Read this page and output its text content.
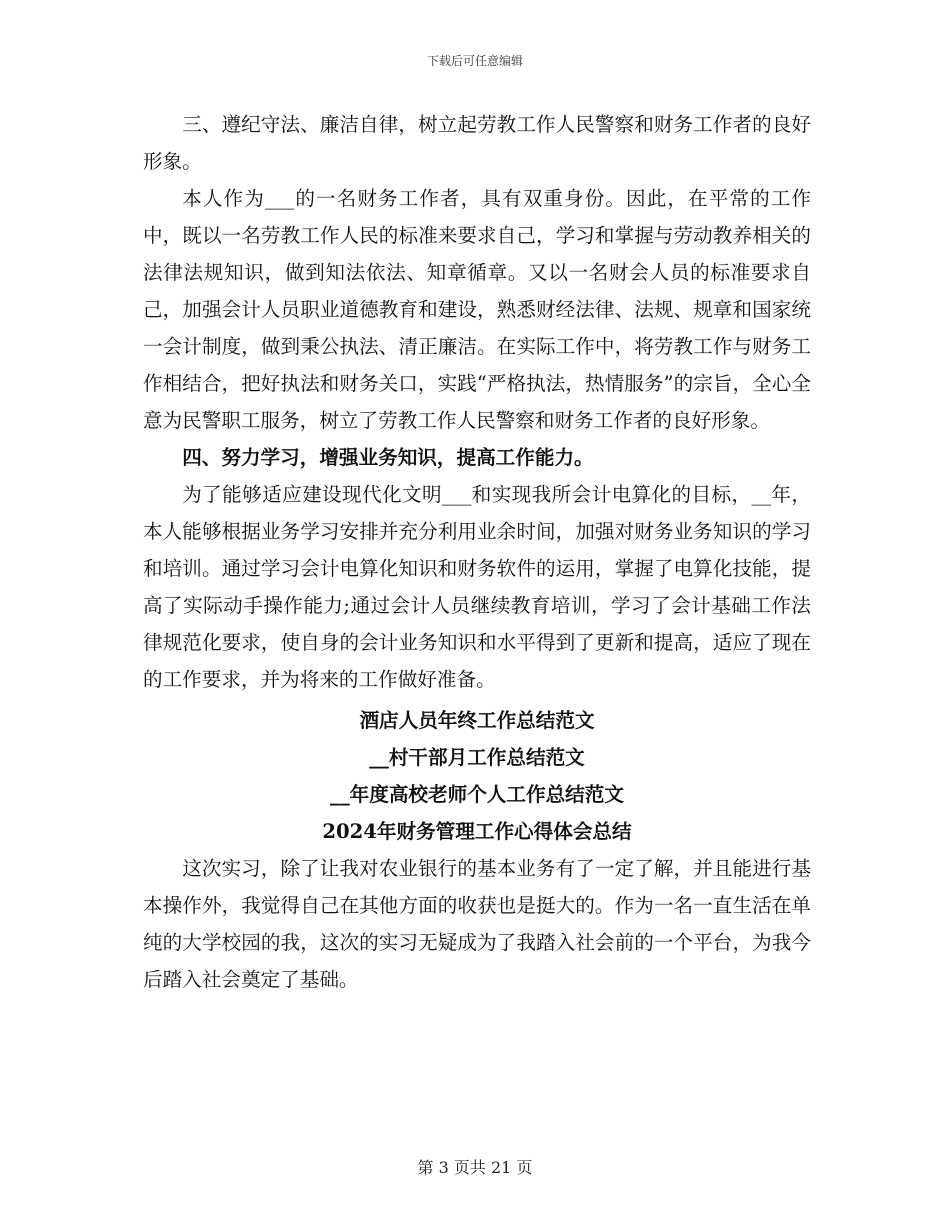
下载后可任意编辑

三、遵纪守法、廉洁自律，树立起劳教工作人民警察和财务工作者的良好形象。

本人作为___的一名财务工作者，具有双重身份。因此，在平常的工作中，既以一名劳教工作人民的标准来要求自己，学习和掌握与劳动教养相关的法律法规知识，做到知法依法、知章循章。又以一名财会人员的标准要求自己，加强会计人员职业道德教育和建设，熟悉财经法律、法规、规章和国家统一会计制度，做到秉公执法、清正廉洁。在实际工作中，将劳教工作与财务工作相结合，把好执法和财务关口，实践“严格执法，热情服务”的宗旨，全心全意为民警职工服务，树立了劳教工作人民警察和财务工作者的良好形象。

四、努力学习，增强业务知识，提高工作能力。

为了能够适应建设现代化文明___和实现我所会计电算化的目标，__年，本人能够根据业务学习安排并充分利用业余时间，加强对财务业务知识的学习和培训。通过学习会计电算化知识和财务软件的运用，掌握了电算化技能，提高了实际动手操作能力;通过会计人员继续教育培训，学习了会计基础工作法律规范化要求，使自身的会计业务知识和水平得到了更新和提高，适应了现在的工作要求，并为将来的工作做好准备。

酒店人员年终工作总结范文

__村干部月工作总结范文

__年度高校老师个人工作总结范文

2024年财务管理工作心得体会总结

这次实习，除了让我对农业银行的基本业务有了一定了解，并且能进行基本操作外，我觉得自己在其他方面的收获也是挺大的。作为一名一直生活在单纯的大学校园的我，这次的实习无疑成为了我踏入社会前的一个平台，为我今后踏入社会奠定了基础。

第 3 页共 21 页
